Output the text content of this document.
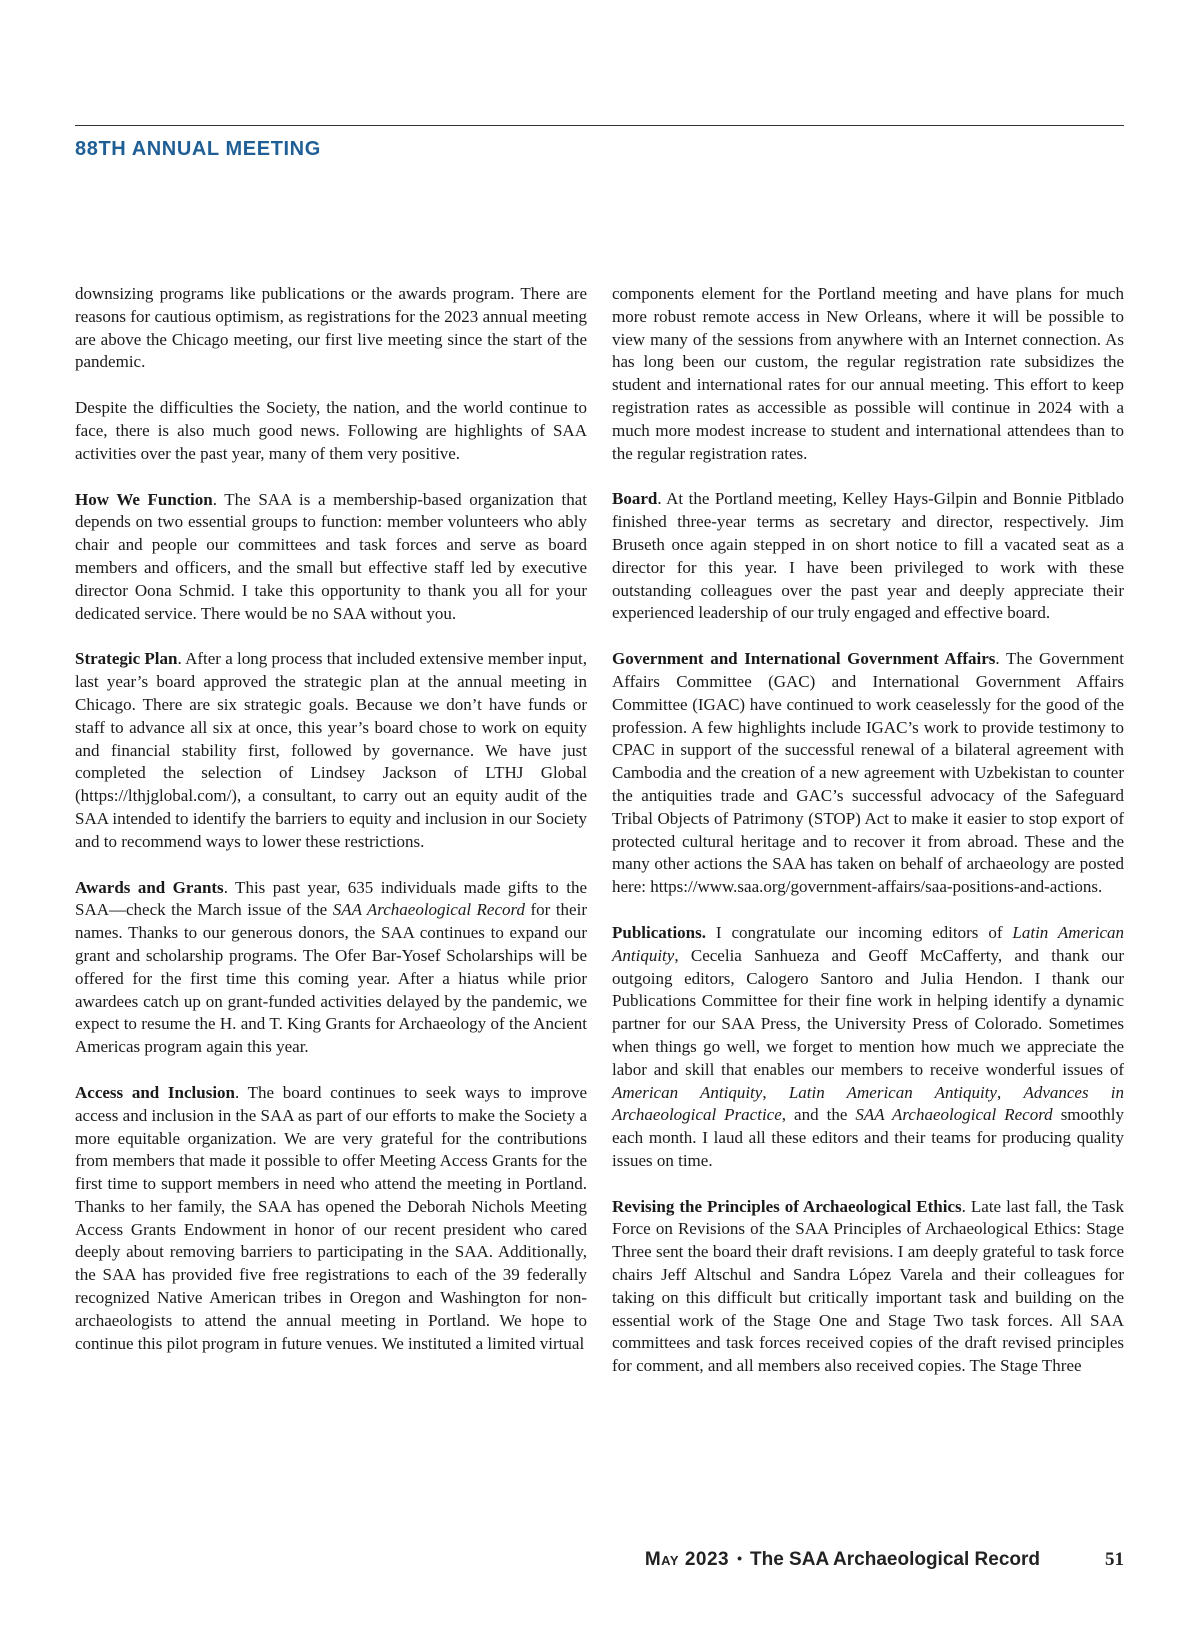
88TH ANNUAL MEETING

downsizing programs like publications or the awards program. There are reasons for cautious optimism, as registrations for the 2023 annual meeting are above the Chicago meeting, our first live meeting since the start of the pandemic.

Despite the difficulties the Society, the nation, and the world continue to face, there is also much good news. Following are highlights of SAA activities over the past year, many of them very positive.

How We Function. The SAA is a membership-based organization that depends on two essential groups to function: member volunteers who ably chair and people our committees and task forces and serve as board members and officers, and the small but effective staff led by executive director Oona Schmid. I take this opportunity to thank you all for your dedicated service. There would be no SAA without you.

Strategic Plan. After a long process that included extensive member input, last year’s board approved the strategic plan at the annual meeting in Chicago. There are six strategic goals. Because we don’t have funds or staff to advance all six at once, this year’s board chose to work on equity and financial stability first, followed by governance. We have just completed the selection of Lindsey Jackson of LTHJ Global (https://lthjglobal.com/), a consultant, to carry out an equity audit of the SAA intended to identify the barriers to equity and inclusion in our Society and to recommend ways to lower these restrictions.

Awards and Grants. This past year, 635 individuals made gifts to the SAA—check the March issue of the SAA Archaeological Record for their names. Thanks to our generous donors, the SAA continues to expand our grant and scholarship programs. The Ofer Bar-Yosef Scholarships will be offered for the first time this coming year. After a hiatus while prior awardees catch up on grant-funded activities delayed by the pandemic, we expect to resume the H. and T. King Grants for Archaeology of the Ancient Americas program again this year.

Access and Inclusion. The board continues to seek ways to improve access and inclusion in the SAA as part of our efforts to make the Society a more equitable organization. We are very grateful for the contributions from members that made it possible to offer Meeting Access Grants for the first time to support members in need who attend the meeting in Portland. Thanks to her family, the SAA has opened the Deborah Nichols Meeting Access Grants Endowment in honor of our recent president who cared deeply about removing barriers to participating in the SAA. Additionally, the SAA has provided five free registrations to each of the 39 federally recognized Native American tribes in Oregon and Washington for non-archaeologists to attend the annual meeting in Portland. We hope to continue this pilot program in future venues. We instituted a limited virtual

components element for the Portland meeting and have plans for much more robust remote access in New Orleans, where it will be possible to view many of the sessions from anywhere with an Internet connection. As has long been our custom, the regular registration rate subsidizes the student and international rates for our annual meeting. This effort to keep registration rates as accessible as possible will continue in 2024 with a much more modest increase to student and international attendees than to the regular registration rates.

Board. At the Portland meeting, Kelley Hays-Gilpin and Bonnie Pitblado finished three-year terms as secretary and director, respectively. Jim Bruseth once again stepped in on short notice to fill a vacated seat as a director for this year. I have been privileged to work with these outstanding colleagues over the past year and deeply appreciate their experienced leadership of our truly engaged and effective board.

Government and International Government Affairs. The Government Affairs Committee (GAC) and International Government Affairs Committee (IGAC) have continued to work ceaselessly for the good of the profession. A few highlights include IGAC’s work to provide testimony to CPAC in support of the successful renewal of a bilateral agreement with Cambodia and the creation of a new agreement with Uzbekistan to counter the antiquities trade and GAC’s successful advocacy of the Safeguard Tribal Objects of Patrimony (STOP) Act to make it easier to stop export of protected cultural heritage and to recover it from abroad. These and the many other actions the SAA has taken on behalf of archaeology are posted here: https://www.saa.org/government-affairs/saa-positions-and-actions.

Publications. I congratulate our incoming editors of Latin American Antiquity, Cecelia Sanhueza and Geoff McCafferty, and thank our outgoing editors, Calogero Santoro and Julia Hendon. I thank our Publications Committee for their fine work in helping identify a dynamic partner for our SAA Press, the University Press of Colorado. Sometimes when things go well, we forget to mention how much we appreciate the labor and skill that enables our members to receive wonderful issues of American Antiquity, Latin American Antiquity, Advances in Archaeological Practice, and the SAA Archaeological Record smoothly each month. I laud all these editors and their teams for producing quality issues on time.

Revising the Principles of Archaeological Ethics. Late last fall, the Task Force on Revisions of the SAA Principles of Archaeological Ethics: Stage Three sent the board their draft revisions. I am deeply grateful to task force chairs Jeff Altschul and Sandra López Varela and their colleagues for taking on this difficult but critically important task and building on the essential work of the Stage One and Stage Two task forces. All SAA committees and task forces received copies of the draft revised principles for comment, and all members also received copies. The Stage Three

May 2023 • The SAA Archaeological Record	51
